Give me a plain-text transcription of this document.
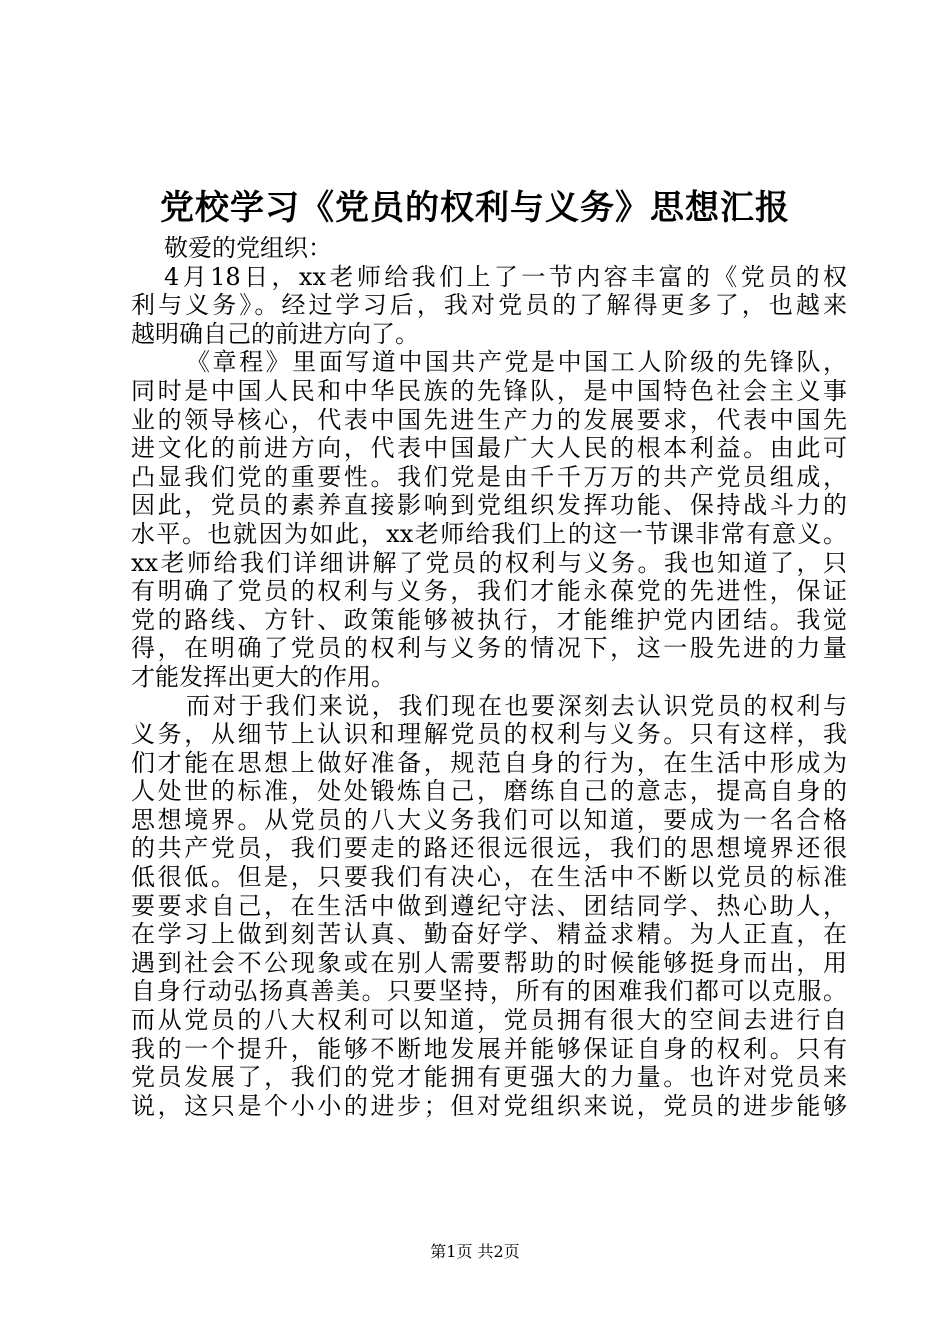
党校学习《党员的权利与义务》思想汇报
敬爱的党组织：
4月18日，xx老师给我们上了一节内容丰富的《党员的权
利与义务》。经过学习后，我对党员的了解得更多了，也越来
越明确自己的前进方向了。
《章程》里面写道中国共产党是中国工人阶级的先锋队，
同时是中国人民和中华民族的先锋队，是中国特色社会主义事
业的领导核心，代表中国先进生产力的发展要求，代表中国先
进文化的前进方向，代表中国最广大人民的根本利益。由此可
凸显我们党的重要性。我们党是由千千万万的共产党员组成，
因此，党员的素养直接影响到党组织发挥功能、保持战斗力的
水平。也就因为如此，xx老师给我们上的这一节课非常有意义。
xx老师给我们详细讲解了党员的权利与义务。我也知道了，只
有明确了党员的权利与义务，我们才能永葆党的先进性，保证
党的路线、方针、政策能够被执行，才能维护党内团结。我觉
得，在明确了党员的权利与义务的情况下，这一股先进的力量
才能发挥出更大的作用。
而对于我们来说，我们现在也要深刻去认识党员的权利与
义务，从细节上认识和理解党员的权利与义务。只有这样，我
们才能在思想上做好准备，规范自身的行为，在生活中形成为
人处世的标准，处处锻炼自己，磨练自己的意志，提高自身的
思想境界。从党员的八大义务我们可以知道，要成为一名合格
的共产党员，我们要走的路还很远很远，我们的思想境界还很
低很低。但是，只要我们有决心，在生活中不断以党员的标准
要要求自己，在生活中做到遵纪守法、团结同学、热心助人，
在学习上做到刻苦认真、勤奋好学、精益求精。为人正直，在
遇到社会不公现象或在别人需要帮助的时候能够挺身而出，用
自身行动弘扬真善美。只要坚持，所有的困难我们都可以克服。
而从党员的八大权利可以知道，党员拥有很大的空间去进行自
我的一个提升，能够不断地发展并能够保证自身的权利。只有
党员发展了，我们的党才能拥有更强大的力量。也许对党员来
说，这只是个小小的进步；但对党组织来说，党员的进步能够
第1页 共2页
